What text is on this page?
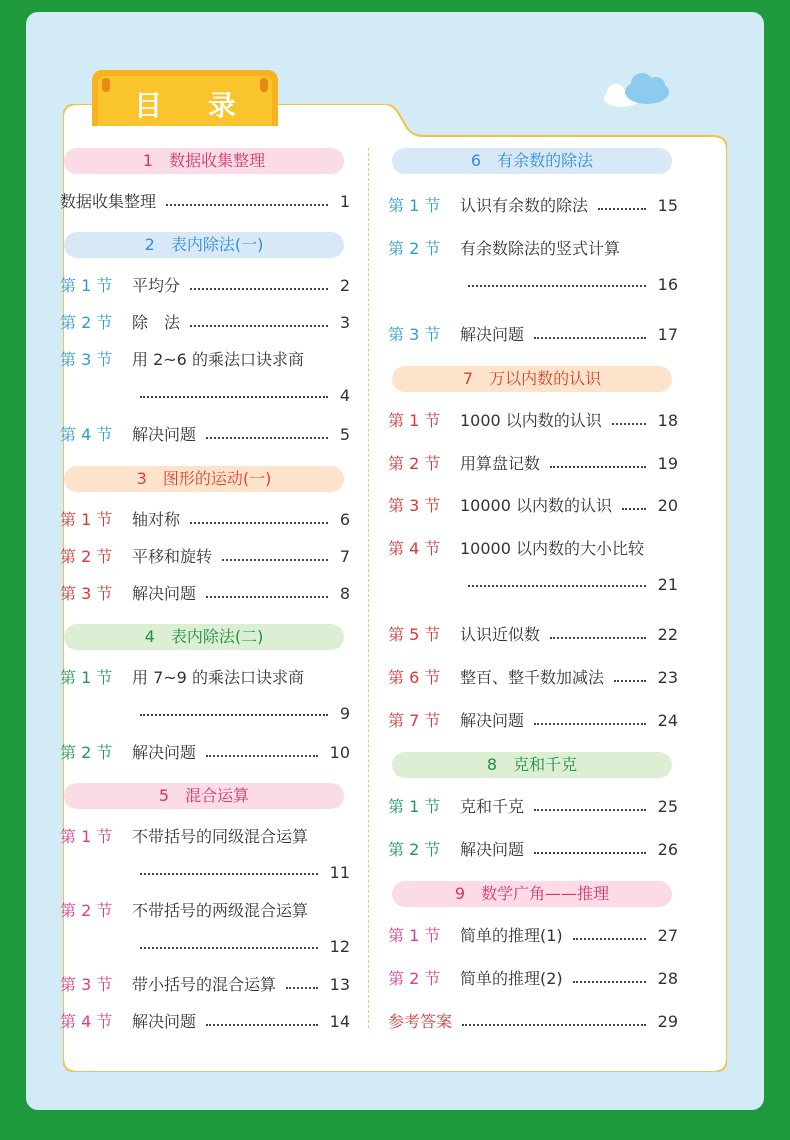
目 录
1　数据收集整理
数据收集整理	1
2　表内除法(一)
第 1 节 平均分	2
第 2 节 除　法	3
第 3 节 用 2~6 的乘法口诀求商
4
第 4 节 解决问题	5
3　图形的运动(一)
第 1 节 轴对称	6
第 2 节 平移和旋转	7
第 3 节 解决问题	8
4　表内除法(二)
第 1 节 用 7~9 的乘法口诀求商
9
第 2 节 解决问题	10
5　混合运算
第 1 节 不带括号的同级混合运算
11
第 2 节 不带括号的两级混合运算
12
第 3 节 带小括号的混合运算	13
第 4 节 解决问题	14
6　有余数的除法
第 1 节 认识有余数的除法	15
第 2 节 有余数除法的竖式计算
16
第 3 节 解决问题	17
7　万以内数的认识
第 1 节 1000 以内数的认识	18
第 2 节 用算盘记数	19
第 3 节 10000 以内数的认识	20
第 4 节 10000 以内数的大小比较
21
第 5 节 认识近似数	22
第 6 节 整百、整千数加减法	23
第 7 节 解决问题	24
8　克和千克
第 1 节 克和千克	25
第 2 节 解决问题	26
9　数学广角——推理
第 1 节 简单的推理(1)	27
第 2 节 简单的推理(2)	28
参考答案	29
